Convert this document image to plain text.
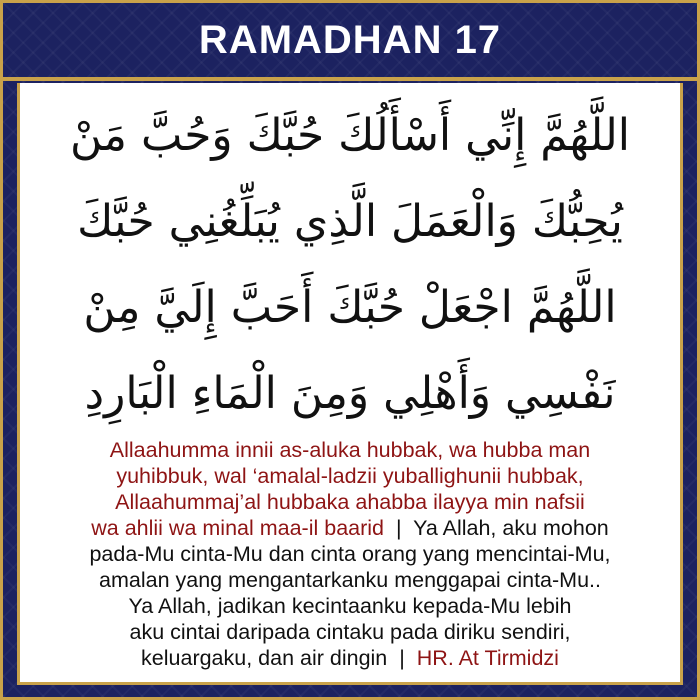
RAMADHAN 17
اللَّهُمَّ إِنِّي أَسْأَلُكَ حُبَّكَ وَحُبَّ مَنْ
يُحِبُّكَ وَالْعَمَلَ الَّذِي يُبَلِّغُنِي حُبَّكَ
اللَّهُمَّ اجْعَلْ حُبَّكَ أَحَبَّ إِلَيَّ مِنْ
نَفْسِي وَأَهْلِي وَمِنَ الْمَاءِ الْبَارِدِ
Allaahumma innii as-aluka hubbak, wa hubba man
yuhibbuk, wal ‘amalal-ladzii yuballighunii hubbak,
Allaahummaj’al hubbaka ahabba ilayya min nafsii
wa ahlii wa minal maa-il baarid | Ya Allah, aku mohon
pada-Mu cinta-Mu dan cinta orang yang mencintai-Mu,
amalan yang mengantarkanku menggapai cinta-Mu..
Ya Allah, jadikan kecintaanku kepada-Mu lebih
aku cintai daripada cintaku pada diriku sendiri,
keluargaku, dan air dingin | HR. At Tirmidzi
